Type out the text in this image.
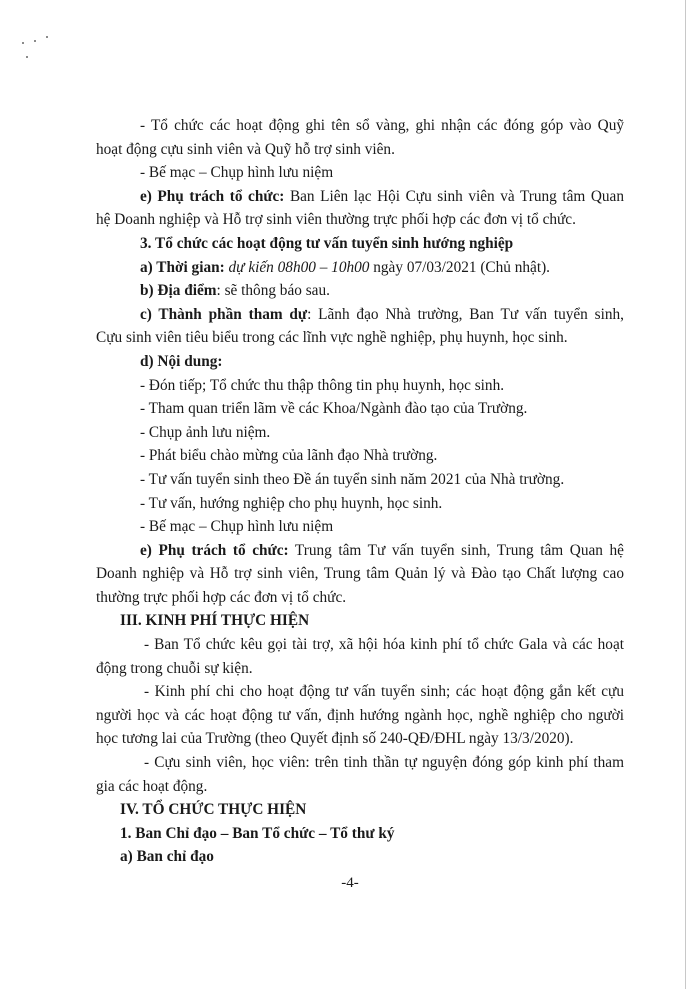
- Tổ chức các hoạt động ghi tên sổ vàng, ghi nhận các đóng góp vào Quỹ

hoạt động cựu sinh viên và Quỹ hỗ trợ sinh viên.

- Bế mạc – Chụp hình lưu niệm

e) Phụ trách tổ chức: Ban Liên lạc Hội Cựu sinh viên và Trung tâm Quan

hệ Doanh nghiệp và Hỗ trợ sinh viên thường trực phối hợp các đơn vị tổ chức.

3. Tổ chức các hoạt động tư vấn tuyển sinh hướng nghiệp

a) Thời gian: dự kiến 08h00 – 10h00 ngày 07/03/2021 (Chủ nhật).

b) Địa điểm: sẽ thông báo sau.

c) Thành phần tham dự: Lãnh đạo Nhà trường, Ban Tư vấn tuyển sinh,

Cựu sinh viên tiêu biểu trong các lĩnh vực nghề nghiệp, phụ huynh, học sinh.

d) Nội dung:

- Đón tiếp; Tổ chức thu thập thông tin phụ huynh, học sinh.

- Tham quan triển lãm về các Khoa/Ngành đào tạo của Trường.

- Chụp ảnh lưu niệm.

- Phát biểu chào mừng của lãnh đạo Nhà trường.

- Tư vấn tuyển sinh theo Đề án tuyển sinh năm 2021 của Nhà trường.

- Tư vấn, hướng nghiệp cho phụ huynh, học sinh.

- Bế mạc – Chụp hình lưu niệm

e) Phụ trách tổ chức: Trung tâm Tư vấn tuyển sinh, Trung tâm Quan hệ

Doanh nghiệp và Hỗ trợ sinh viên, Trung tâm Quản lý và Đào tạo Chất lượng cao

thường trực phối hợp các đơn vị tổ chức.

III. KINH PHÍ THỰC HIỆN

- Ban Tổ chức kêu gọi tài trợ, xã hội hóa kinh phí tổ chức Gala và các hoạt

động trong chuỗi sự kiện.

- Kinh phí chi cho hoạt động tư vấn tuyển sinh; các hoạt động gắn kết cựu

người học và các hoạt động tư vấn, định hướng ngành học, nghề nghiệp cho người

học tương lai của Trường (theo Quyết định số 240-QĐ/ĐHL ngày 13/3/2020).

- Cựu sinh viên, học viên: trên tinh thần tự nguyện đóng góp kinh phí tham

gia các hoạt động.

IV. TỔ CHỨC THỰC HIỆN

1. Ban Chỉ đạo – Ban Tổ chức – Tổ thư ký

a) Ban chỉ đạo

-4-
